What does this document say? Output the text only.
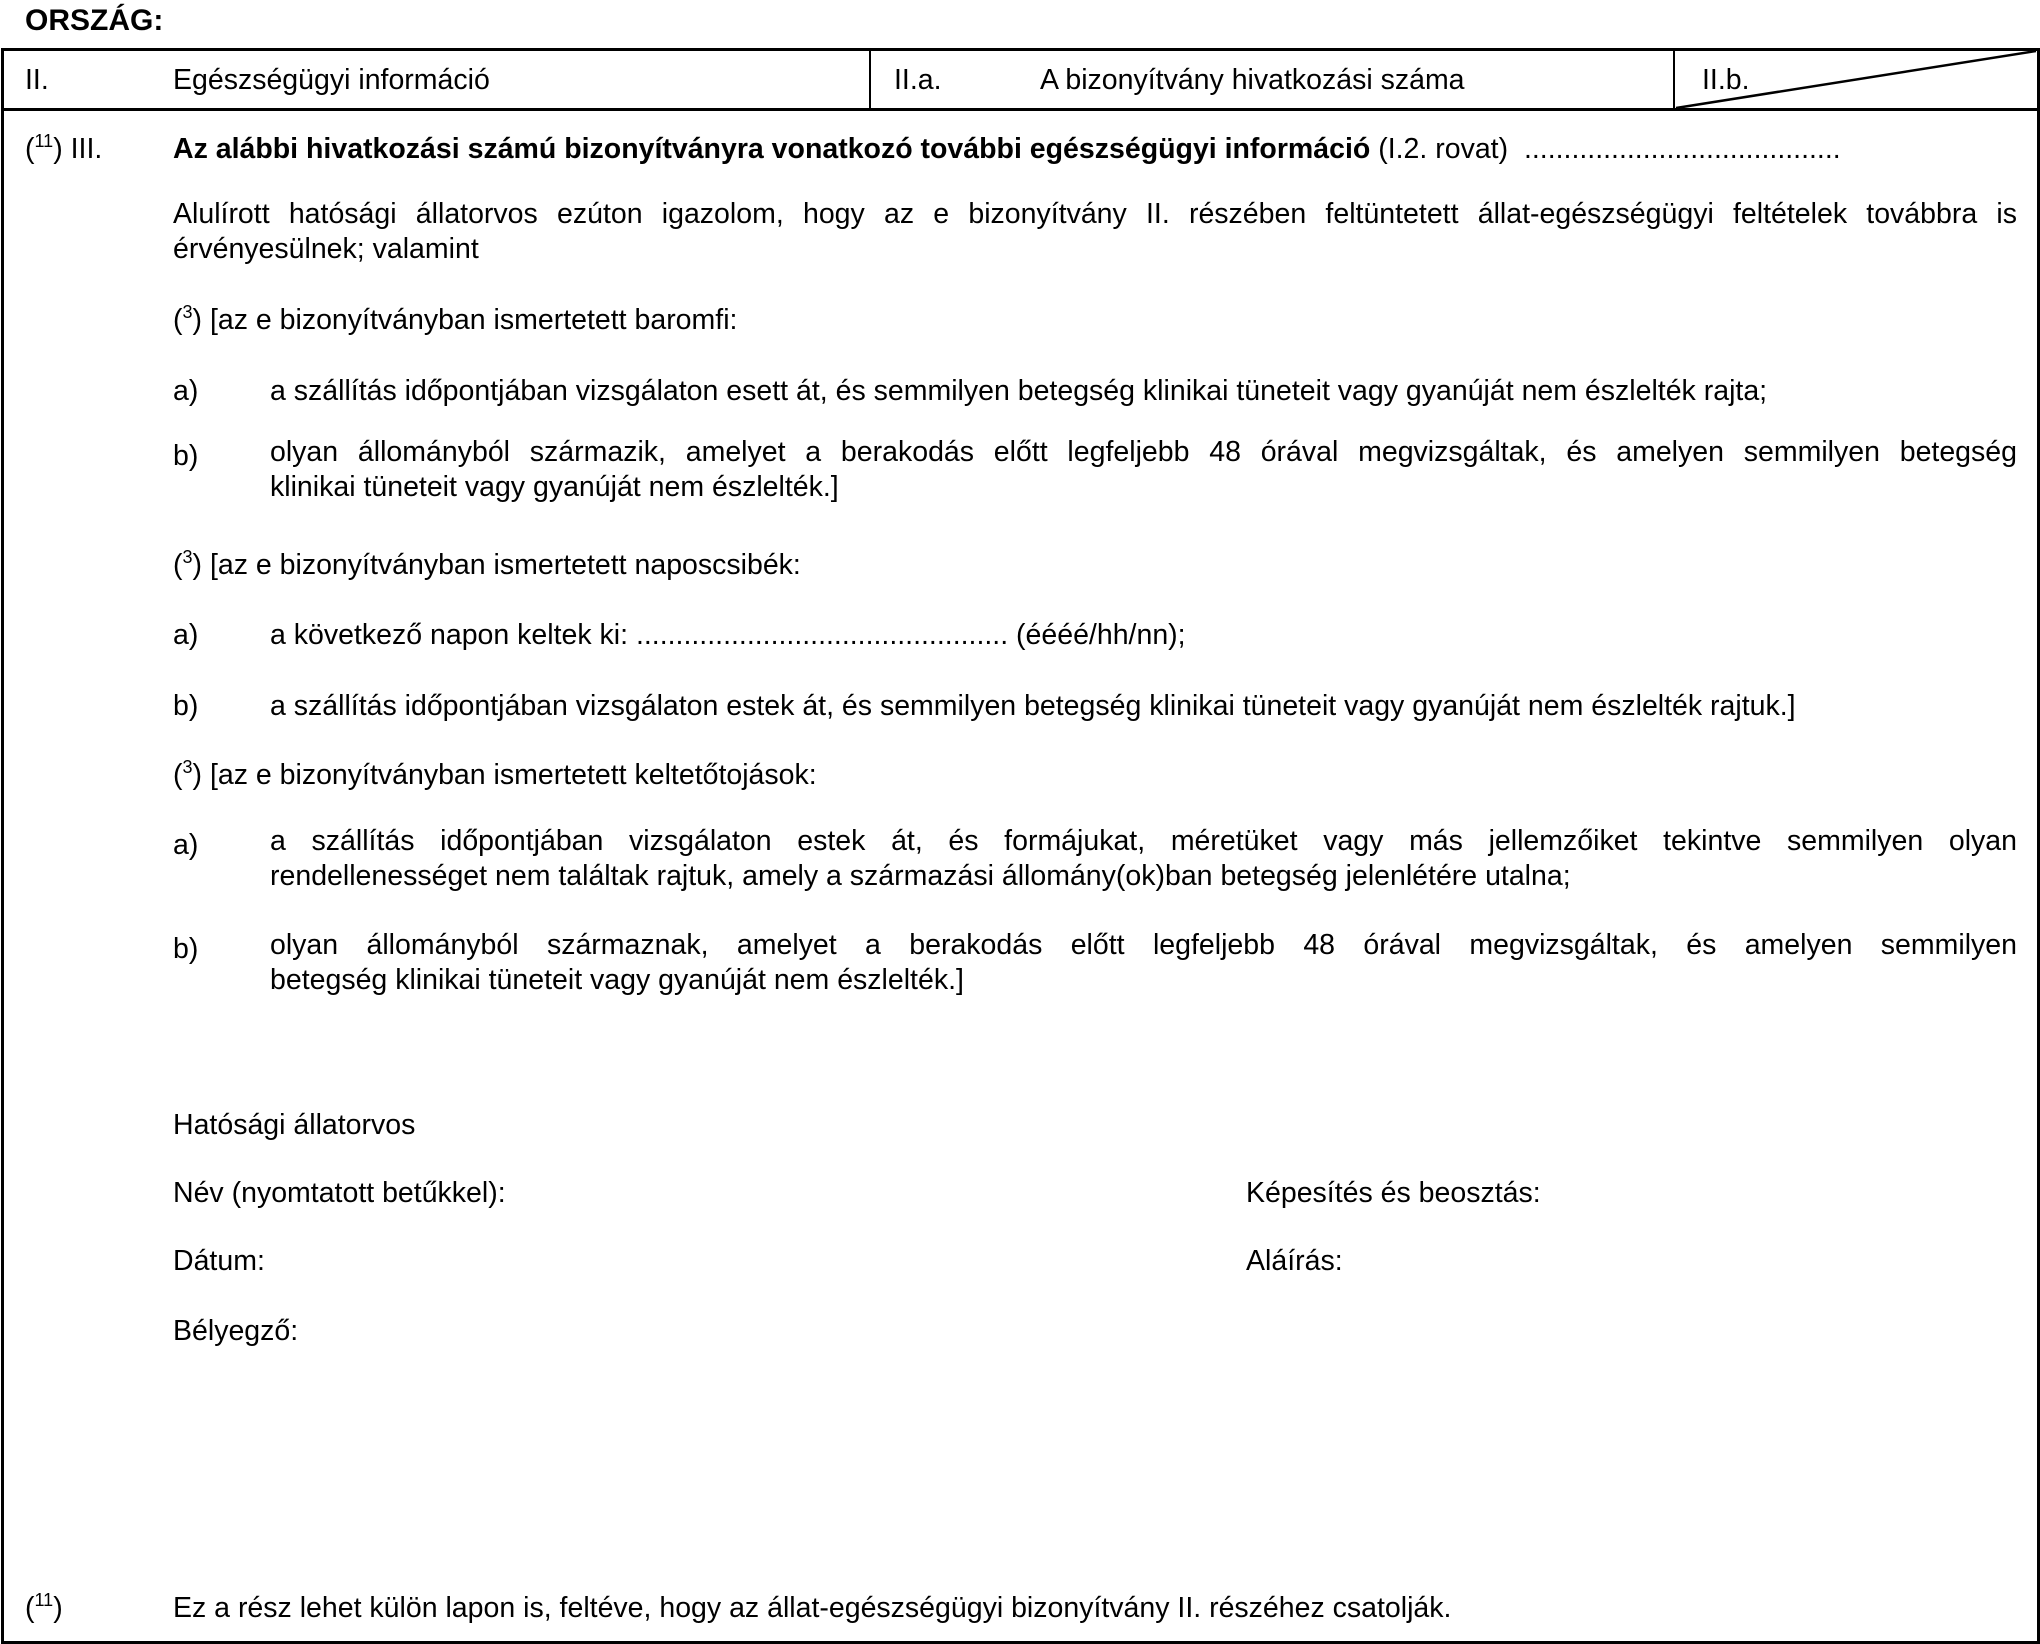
ORSZÁG:
II.	Egészségügyi információ	II.a.	A bizonyítvány hivatkozási száma	II.b.
($^{11}$) III. Az alábbi hivatkozási számú bizonyítványra vonatkozó további egészségügyi információ (I.2. rovat) ........................................
Alulírott hatósági állatorvos ezúton igazolom, hogy az e bizonyítvány II. részében feltüntetett állat-egészségügyi feltételek továbbra is
érvényesülnek; valamint
($^3$) [az e bizonyítványban ismertetett baromfi:
a)	a szállítás időpontjában vizsgálaton esett át, és semmilyen betegség klinikai tüneteit vagy gyanúját nem észlelték rajta;
b)	olyan állományból származik, amelyet a berakodás előtt legfeljebb 48 órával megvizsgáltak, és amelyen semmilyen betegség
klinikai tüneteit vagy gyanúját nem észlelték.]
($^3$) [az e bizonyítványban ismertetett naposcsibék:
a)	a következő napon keltek ki: ............................................... (éééé/hh/nn);
b)	a szállítás időpontjában vizsgálaton estek át, és semmilyen betegség klinikai tüneteit vagy gyanúját nem észlelték rajtuk.]
($^3$) [az e bizonyítványban ismertetett keltetőtojások:
a)	a szállítás időpontjában vizsgálaton estek át, és formájukat, méretüket vagy más jellemzőiket tekintve semmilyen olyan
rendellenességet nem találtak rajtuk, amely a származási állomány(ok)ban betegség jelenlétére utalna;
b)	olyan állományból származnak, amelyet a berakodás előtt legfeljebb 48 órával megvizsgáltak, és amelyen semmilyen
betegség klinikai tüneteit vagy gyanúját nem észlelték.]
Hatósági állatorvos
Név (nyomtatott betűkkel):	Képesítés és beosztás:
Dátum:	Aláírás:
Bélyegző:
($^{11}$)	Ez a rész lehet külön lapon is, feltéve, hogy az állat-egészségügyi bizonyítvány II. részéhez csatolják.
